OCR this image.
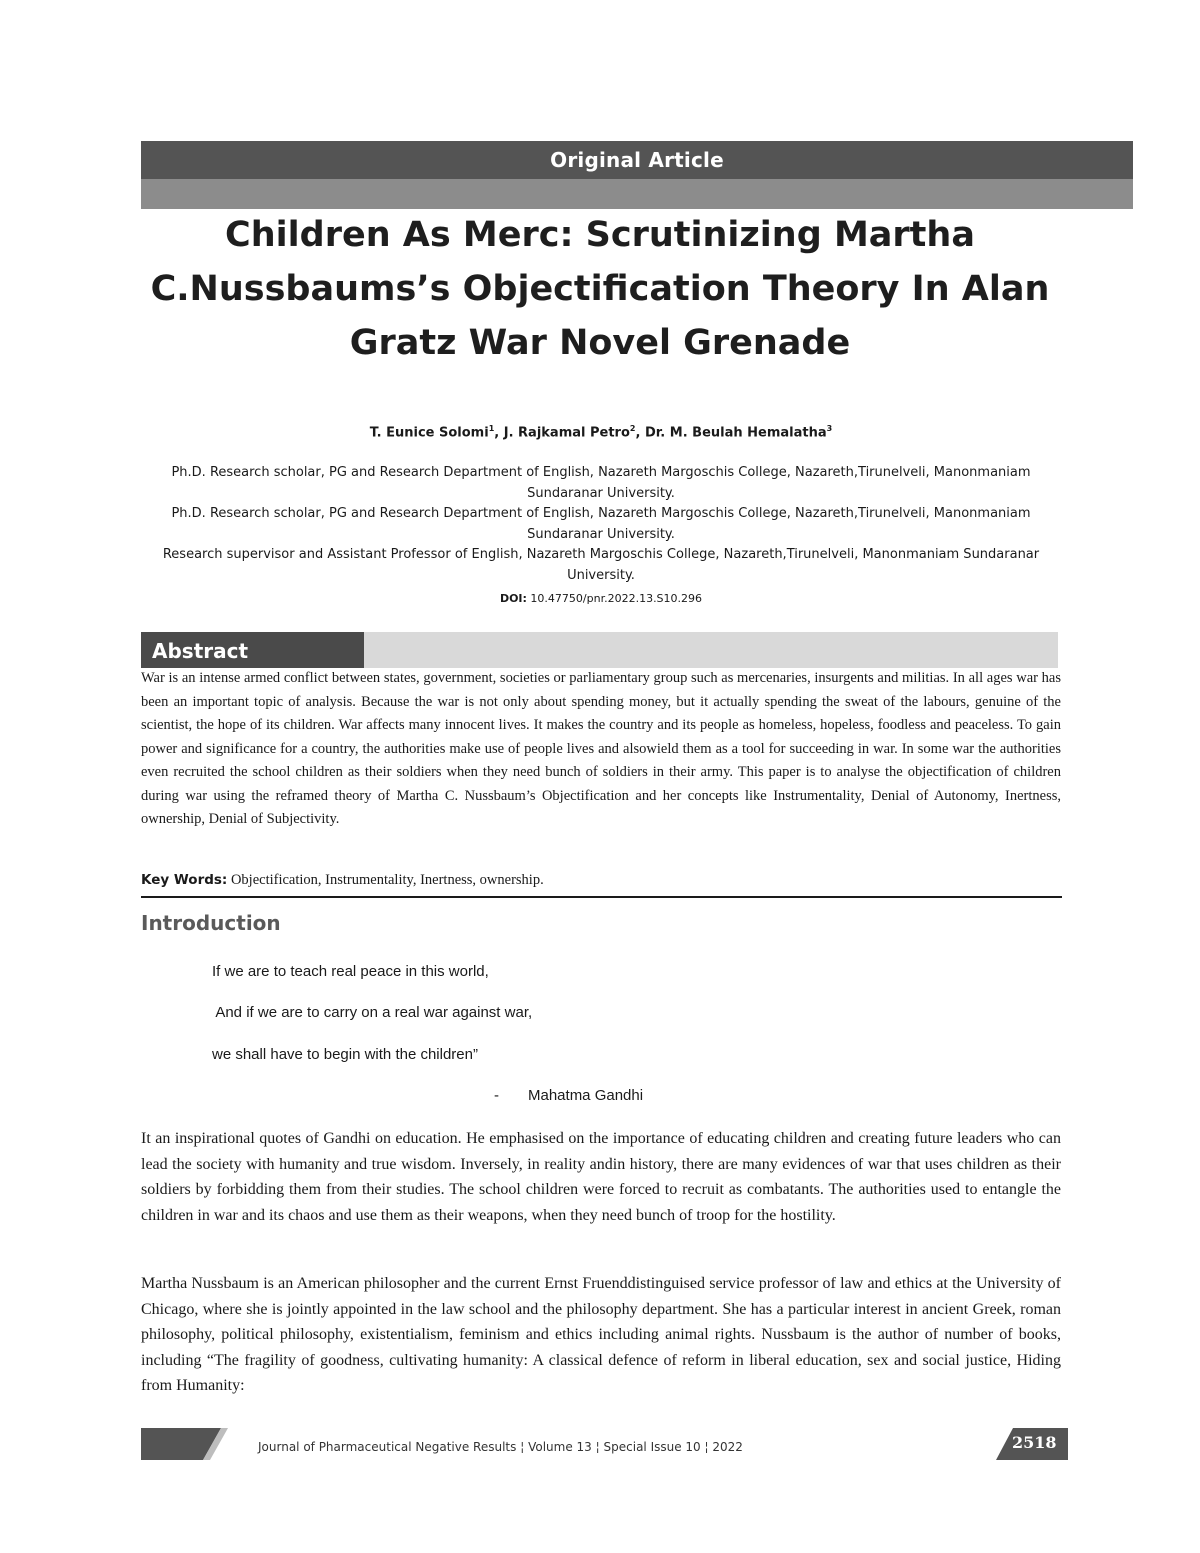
Original Article
Children As Merc: Scrutinizing Martha
C.Nussbaums’s Objectification Theory In Alan
Gratz War Novel Grenade
T. Eunice Solomi$^1$, J. Rajkamal Petro$^2$, Dr. M. Beulah Hemalatha$^3$
Ph.D. Research scholar, PG and Research Department of English, Nazareth Margoschis College, Nazareth,Tirunelveli, Manonmaniam Sundaranar University.
Ph.D. Research scholar, PG and Research Department of English, Nazareth Margoschis College, Nazareth,Tirunelveli, Manonmaniam Sundaranar University.
Research supervisor and Assistant Professor of English, Nazareth Margoschis College, Nazareth,Tirunelveli, Manonmaniam Sundaranar University.
DOI: 10.47750/pnr.2022.13.S10.296
Abstract

War is an intense armed conflict between states, government, societies or parliamentary group such as mercenaries, insurgents and militias. In all ages war has been an important topic of analysis. Because the war is not only about spending money, but it actually spending the sweat of the labours, genuine of the scientist, the hope of its children. War affects many innocent lives. It makes the country and its people as homeless, hopeless, foodless and peaceless. To gain power and significance for a country, the authorities make use of people lives and alsowield them as a tool for succeeding in war. In some war the authorities even recruited the school children as their soldiers when they need bunch of soldiers in their army. This paper is to analyse the objectification of children during war using the reframed theory of Martha C. Nussbaum’s Objectification and her concepts like Instrumentality, Denial of Autonomy, Inertness, ownership, Denial of Subjectivity.

Key Words: Objectification, Instrumentality, Inertness, ownership.
Introduction
If we are to teach real peace in this world,
And if we are to carry on a real war against war,
we shall have to begin with the children”
- Mahatma Gandhi

It an inspirational quotes of Gandhi on education. He emphasised on the importance of educating children and creating future leaders who can lead the society with humanity and true wisdom. Inversely, in reality andin history, there are many evidences of war that uses children as their soldiers by forbidding them from their studies. The school children were forced to recruit as combatants. The authorities used to entangle the children in war and its chaos and use them as their weapons, when they need bunch of troop for the hostility.

Martha Nussbaum is an American philosopher and the current Ernst Fruenddistinguised service professor of law and ethics at the University of Chicago, where she is jointly appointed in the law school and the philosophy department. She has a particular interest in ancient Greek, roman philosophy, political philosophy, existentialism, feminism and ethics including animal rights. Nussbaum is the author of number of books, including “The fragility of goodness, cultivating humanity: A classical defence of reform in liberal education, sex and social justice, Hiding from Humanity:

Journal of Pharmaceutical Negative Results ¦ Volume 13 ¦ Special Issue 10 ¦ 2022	2518
